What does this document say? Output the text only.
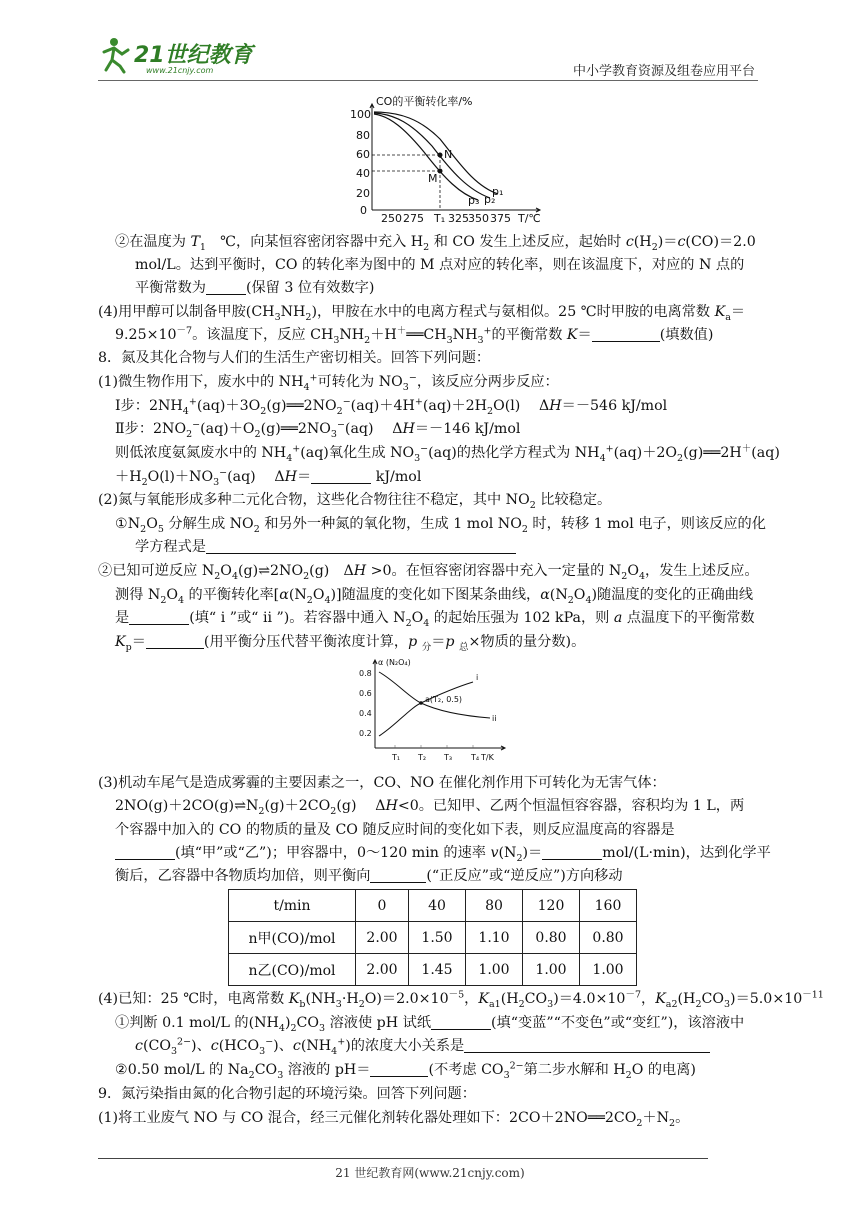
21世纪教育
www.21cnjy.com	中小学教育资源及组卷应用平台
CO的平衡转化率/%
100
80
60
40
20
0
250 275 T₁ 325 350 375 T/℃
N
M
p₁
p₂
p₃
②在温度为 $T_1$　℃，向某恒容密闭容器中充入 $H_2$ 和 CO 发生上述反应，起始时 $c(H_2)=c(CO)=2.0$
mol/L。达到平衡时，CO 的转化率为图中的 M 点对应的转化率，则在该温度下，对应的 N 点的
平衡常数为	(保留 3 位有效数字)
(4)用甲醇可以制备甲胺$(CH_3NH_2)$，甲胺在水中的电离方程式与氨相似。25 ℃时甲胺的电离常数 $K_a=$
$9.25\times 10^{-7}$。该温度下，反应 $CH_3NH_2+H^+══CH_3NH_3^+$的平衡常数 K＝	(填数值)
8．氮及其化合物与人们的生活生产密切相关。回答下列问题：
(1)微生物作用下，废水中的 $NH_4^+$可转化为 $NO_3^-$，该反应分两步反应：
Ⅰ步：$2NH_4^+(aq)+3O_2(g)══2NO_2^-(aq)+4H^+(aq)+2H_2O(l)$　 ΔH＝－546 kJ/mol
Ⅱ步：$2NO_2^-(aq)+O_2(g)══2NO_3^-(aq)$　 ΔH＝－146 kJ/mol
则低浓度氨氮废水中的 $NH_4^+(aq)$氧化生成 $NO_3^-(aq)$的热化学方程式为 $NH_4^+(aq)+2O_2(g)══2H^+(aq)$
$+H_2O(l)+NO_3^-(aq)$　 ΔH＝	kJ/mol
(2)氮与氧能形成多种二元化合物，这些化合物往往不稳定，其中 $NO_2$ 比较稳定。
$①N_2O_5$ 分解生成 $NO_2$ 和另外一种氮的氧化物，生成 1 mol $NO_2$ 时，转移 1 mol 电子，则该反应的化
学方程式是
②已知可逆反应 $N_2O_4(g)\rightleftharpoons 2NO_2(g)$　ΔH >0。在恒容密闭容器中充入一定量的 $N_2O_4$，发生上述反应。
测得 $N_2O_4$ 的平衡转化率$[\alpha(N_2O_4)]$随温度的变化如下图某条曲线，$\alpha(N_2O_4)$随温度的变化的正确曲线
是	(填“ i ”或“ ii ”)。若容器中通入 $N_2O_4$ 的起始压强为 102 kPa，则 a 点温度下的平衡常数
$K_p=$	(用平衡分压代替平衡浓度计算，p $_分$＝p $_总$×物质的量分数)。
α (N₂O₄)
0.8
0.6
0.4
0.2
T₁ T₂ T₃ T₄ T/K
a(T₂, 0.5)
i
ii
(3)机动车尾气是造成雾霾的主要因素之一，CO、NO 在催化剂作用下可转化为无害气体：
$2NO(g)+2CO(g)\rightleftharpoons N_2(g)+2CO_2(g)$　 ΔH<0。已知甲、乙两个恒温恒容容器，容积均为 1 L，两
个容器中加入的 CO 的物质的量及 CO 随反应时间的变化如下表，则反应温度高的容器是
(填“甲”或“乙”)；甲容器中，0～120 min 的速率 $v(N_2)=$	mol/(L·min)，达到化学平
衡后，乙容器中各物质均加倍，则平衡向	(“正反应”或“逆反应”)方向移动
t/min	0	40	80	120	160
n甲(CO)/mol	2.00	1.50	1.10	0.80	0.80
n乙(CO)/mol	2.00	1.45	1.00	1.00	1.00
(4)已知：25 ℃时，电离常数 $K_b(NH_3\cdot H_2O)=2.0\times 10^{-5}$，$K_{a1}(H_2CO_3)=4.0\times 10^{-7}$，$K_{a2}(H_2CO_3)=5.0\times 10^{-11}$
①判断 0.1 mol/L 的$(NH_4)_2CO_3$ 溶液使 pH 试纸	(填“变蓝”“不变色”或“变红”)，该溶液中
$c(CO_3^{2-})$、$c(HCO_3^-)$、$c(NH_4^+)$的浓度大小关系是
②0.50 mol/L 的 $Na_2CO_3$ 溶液的 pH＝	(不考虑 $CO_3^{2-}$第二步水解和 $H_2O$ 的电离)
9．氮污染指由氮的化合物引起的环境污染。回答下列问题：
(1)将工业废气 NO 与 CO 混合，经三元催化剂转化器处理如下：$2CO+2NO══2CO_2+N_2$。
21 世纪教育网(www.21cnjy.com)
